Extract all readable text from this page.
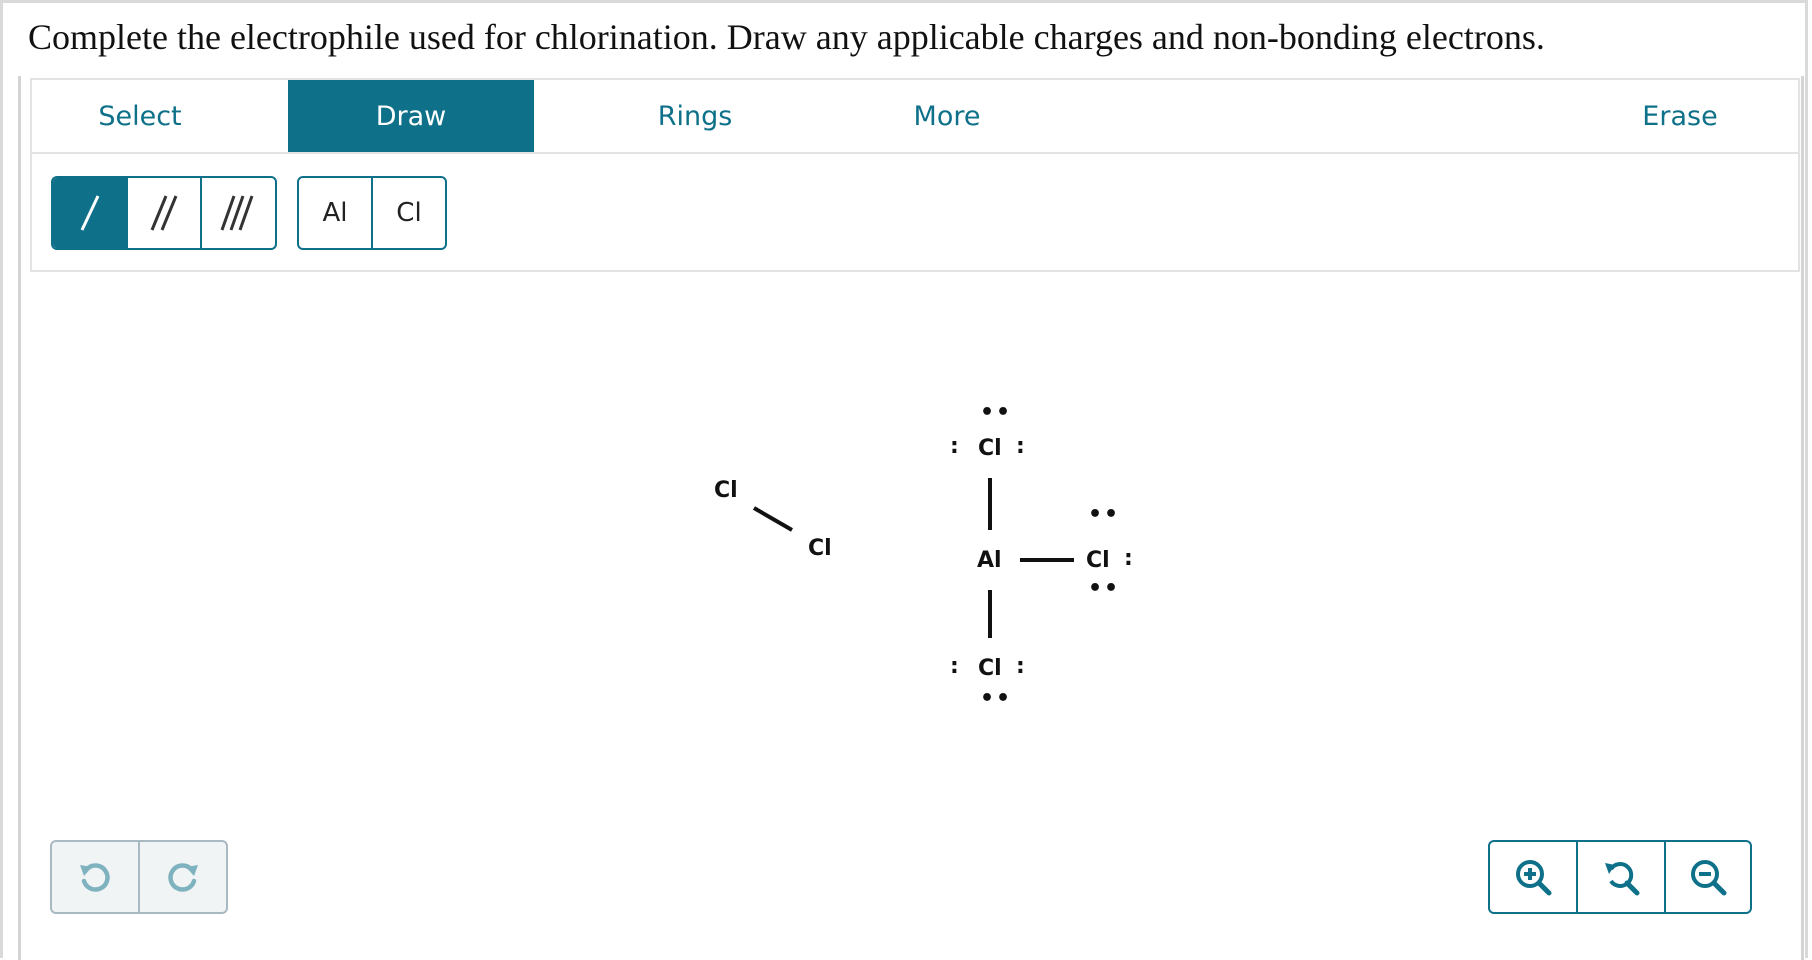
Complete the electrophile used for chlorination. Draw any applicable charges and non-bonding electrons.
Select	Draw	Rings	More	Erase
Al	Cl
Cl
Cl	Al
••
: Cl :
••
Cl :
••
: Cl :
••
